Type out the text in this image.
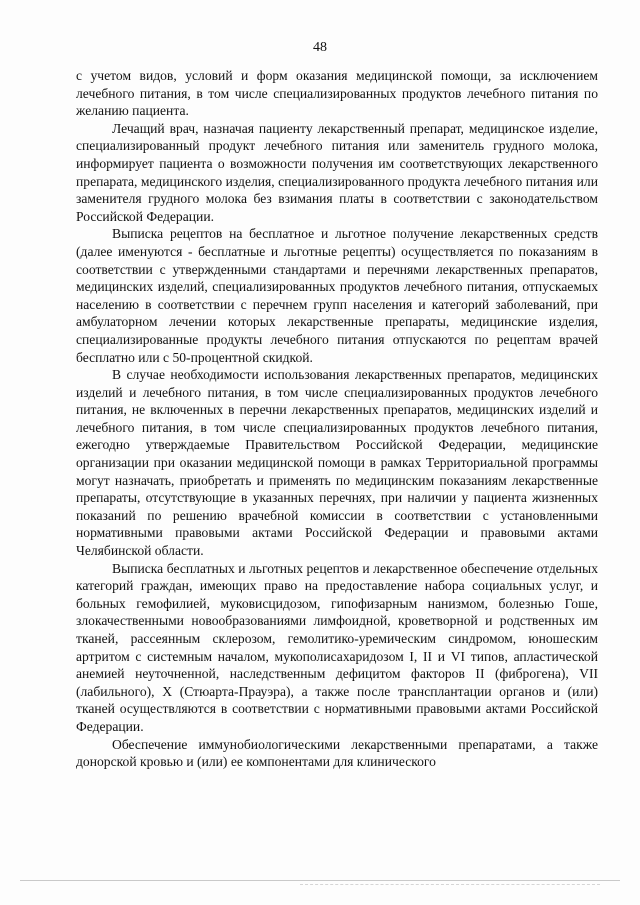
48

с учетом видов, условий и форм оказания медицинской помощи, за исключением лечебного питания, в том числе специализированных продуктов лечебного питания по желанию пациента.

Лечащий врач, назначая пациенту лекарственный препарат, медицинское изделие, специализированный продукт лечебного питания или заменитель грудного молока, информирует пациента о возможности получения им соответствующих лекарственного препарата, медицинского изделия, специализированного продукта лечебного питания или заменителя грудного молока без взимания платы в соответствии с законодательством Российской Федерации.

Выписка рецептов на бесплатное и льготное получение лекарственных средств (далее именуются - бесплатные и льготные рецепты) осуществляется по показаниям в соответствии с утвержденными стандартами и перечнями лекарственных препаратов, медицинских изделий, специализированных продуктов лечебного питания, отпускаемых населению в соответствии с перечнем групп населения и категорий заболеваний, при амбулаторном лечении которых лекарственные препараты, медицинские изделия, специализированные продукты лечебного питания отпускаются по рецептам врачей бесплатно или с 50-процентной скидкой.

В случае необходимости использования лекарственных препаратов, медицинских изделий и лечебного питания, в том числе специализированных продуктов лечебного питания, не включенных в перечни лекарственных препаратов, медицинских изделий и лечебного питания, в том числе специализированных продуктов лечебного питания, ежегодно утверждаемые Правительством Российской Федерации, медицинские организации при оказании медицинской помощи в рамках Территориальной программы могут назначать, приобретать и применять по медицинским показаниям лекарственные препараты, отсутствующие в указанных перечнях, при наличии у пациента жизненных показаний по решению врачебной комиссии в соответствии с установленными нормативными правовыми актами Российской Федерации и правовыми актами Челябинской области.

Выписка бесплатных и льготных рецептов и лекарственное обеспечение отдельных категорий граждан, имеющих право на предоставление набора социальных услуг, и больных гемофилией, муковисцидозом, гипофизарным нанизмом, болезнью Гоше, злокачественными новообразованиями лимфоидной, кроветворной и родственных им тканей, рассеянным склерозом, гемолитико-уремическим синдромом, юношеским артритом с системным началом, мукополисахаридозом I, II и VI типов, апластической анемией неуточненной, наследственным дефицитом факторов II (фиброгена), VII (лабильного), X (Стюарта-Прауэра), а также после трансплантации органов и (или) тканей осуществляются в соответствии с нормативными правовыми актами Российской Федерации.

Обеспечение иммунобиологическими лекарственными препаратами, а также донорской кровью и (или) ее компонентами для клинического
